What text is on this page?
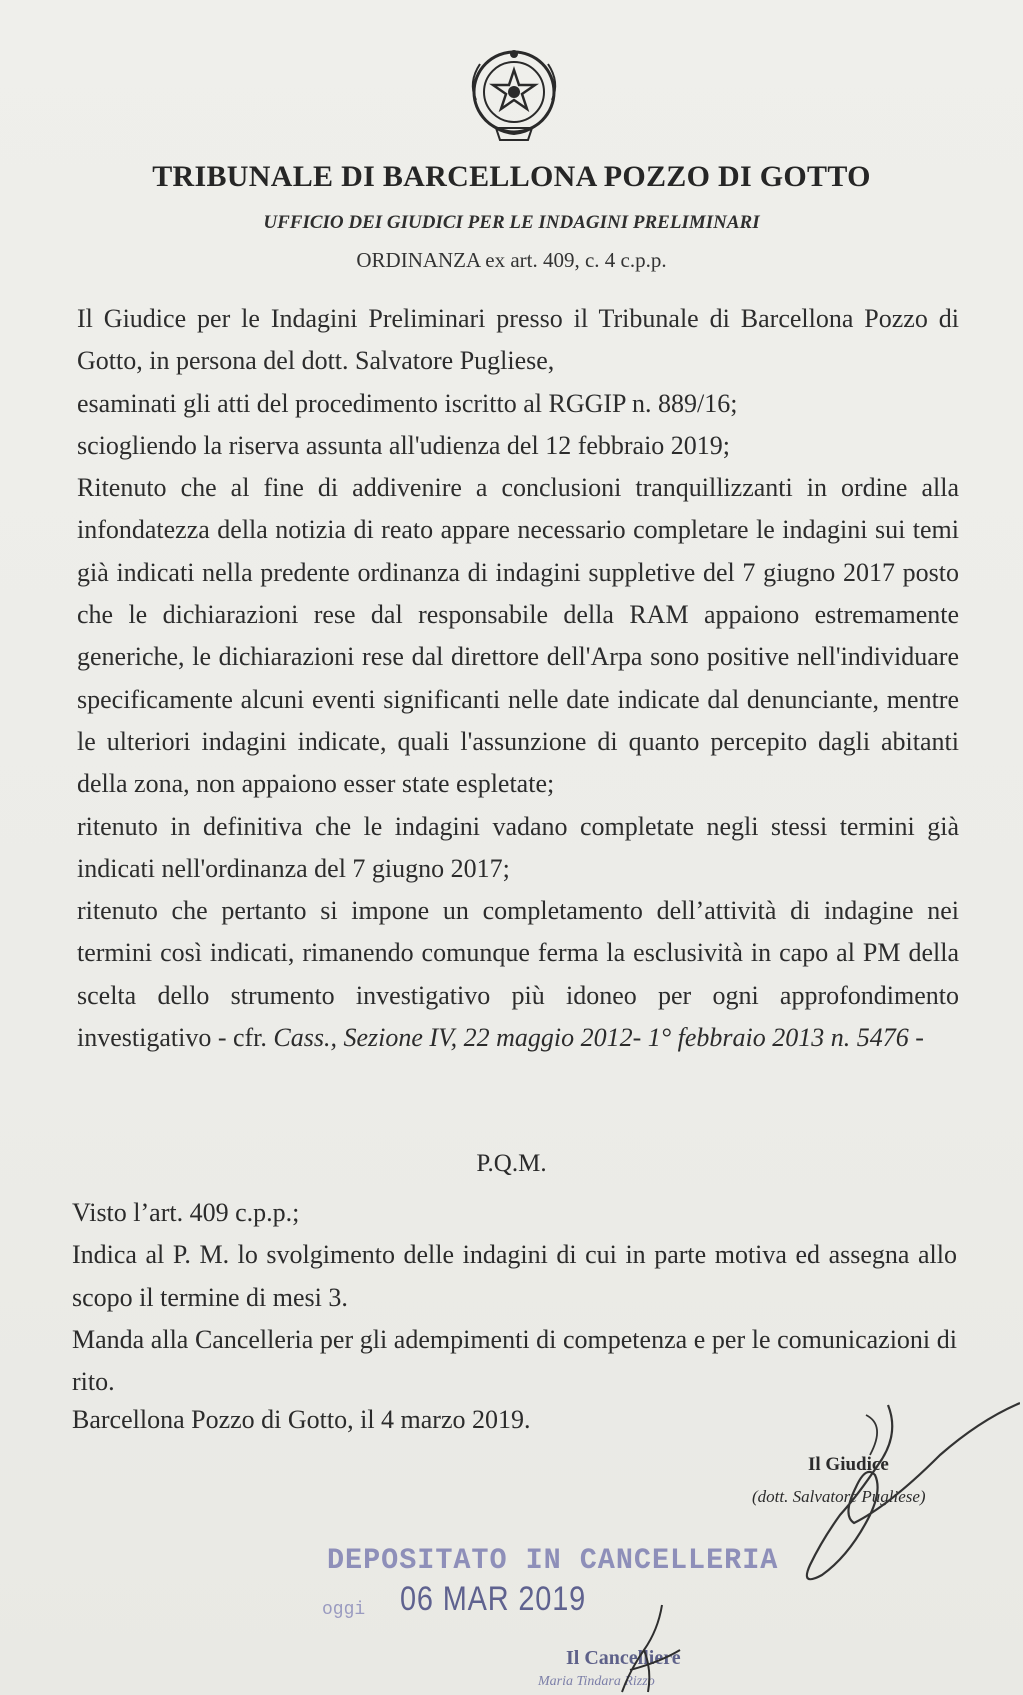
TRIBUNALE DI BARCELLONA POZZO DI GOTTO
UFFICIO DEI GIUDICI PER LE INDAGINI PRELIMINARI
ORDINANZA ex art. 409, c. 4 c.p.p.

Il Giudice per le Indagini Preliminari presso il Tribunale di Barcellona Pozzo di Gotto, in persona del dott. Salvatore Pugliese,

esaminati gli atti del procedimento iscritto al RGGIP n. 889/16;

sciogliendo la riserva assunta all'udienza del 12 febbraio 2019;

Ritenuto che al fine di addivenire a conclusioni tranquillizzanti in ordine alla infondatezza della notizia di reato appare necessario completare le indagini sui temi già indicati nella predente ordinanza di indagini suppletive del 7 giugno 2017 posto che le dichiarazioni rese dal responsabile della RAM appaiono estremamente generiche, le dichiarazioni rese dal direttore dell'Arpa sono positive nell'individuare specificamente alcuni eventi significanti nelle date indicate dal denunciante, mentre le ulteriori indagini indicate, quali l'assunzione di quanto percepito dagli abitanti della zona, non appaiono esser state espletate;

ritenuto in definitiva che le indagini vadano completate negli stessi termini già indicati nell'ordinanza del 7 giugno 2017;

ritenuto che pertanto si impone un completamento dell’attività di indagine nei termini così indicati, rimanendo comunque ferma la esclusività in capo al PM della scelta dello strumento investigativo più idoneo per ogni approfondimento investigativo - cfr. Cass., Sezione IV, 22 maggio 2012- 1° febbraio 2013 n. 5476 -

P.Q.M.

Visto l’art. 409 c.p.p.;

Indica al P. M. lo svolgimento delle indagini di cui in parte motiva ed assegna allo scopo il termine di mesi 3.

Manda alla Cancelleria per gli adempimenti di competenza e per le comunicazioni di rito.

Barcellona Pozzo di Gotto, il 4 marzo 2019.
Il Giudice
(dott. Salvatore Pugliese)
DEPOSITATO IN CANCELLERIA
oggi 06 MAR 2019
Il Cancelliere
Maria Tindara Rizzo
